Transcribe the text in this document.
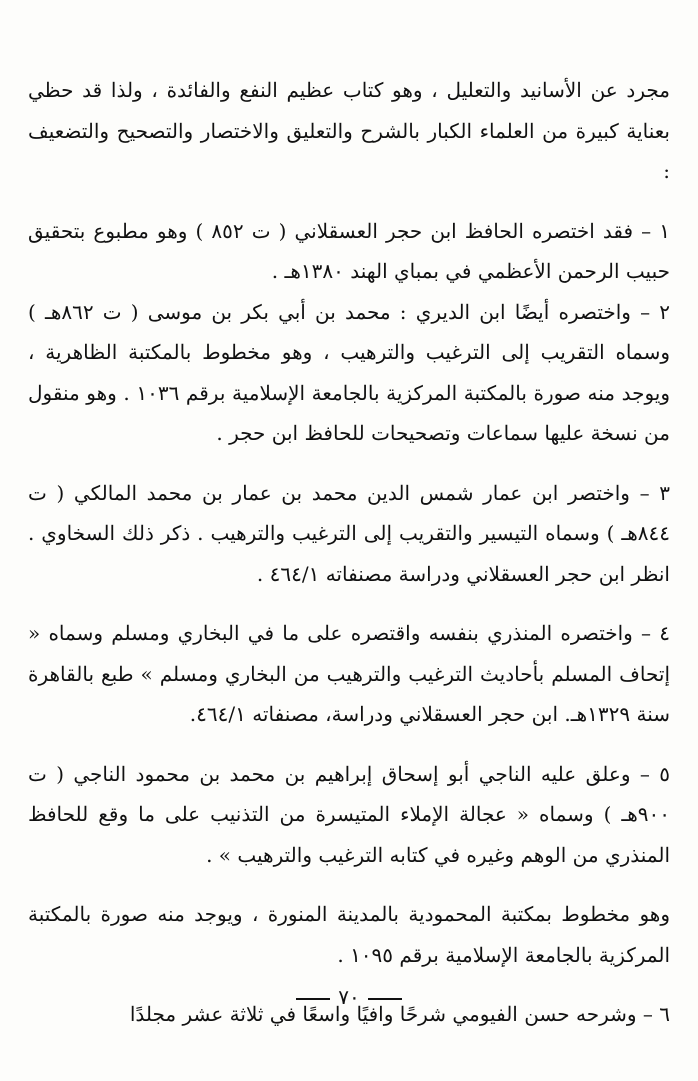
مجرد عن الأسانيد والتعليل ، وهو كتاب عظيم النفع والفائدة ، ولذا قد حظي بعناية كبيرة من العلماء الكبار بالشرح والتعليق والاختصار والتصحيح والتضعيف :

١ – فقد اختصره الحافظ ابن حجر العسقلاني ( ت ٨٥٢ ) وهو مطبوع بتحقيق حبيب الرحمن الأعظمي في بمباي الهند ١٣٨٠هـ .

٢ – واختصره أيضًا ابن الديري : محمد بن أبي بكر بن موسى ( ت ٨٦٢هـ ) وسماه التقريب إلى الترغيب والترهيب ، وهو مخطوط بالمكتبة الظاهرية ، ويوجد منه صورة بالمكتبة المركزية بالجامعة الإسلامية برقم ١٠٣٦ . وهو منقول من نسخة عليها سماعات وتصحيحات للحافظ ابن حجر .

٣ – واختصر ابن عمار شمس الدين محمد بن عمار بن محمد المالكي ( ت ٨٤٤هـ ) وسماه التيسير والتقريب إلى الترغيب والترهيب . ذكر ذلك السخاوي . انظر ابن حجر العسقلاني ودراسة مصنفاته ٤٦٤/١ .

٤ – واختصره المنذري بنفسه واقتصره على ما في البخاري ومسلم وسماه « إتحاف المسلم بأحاديث الترغيب والترهيب من البخاري ومسلم » طبع بالقاهرة سنة ١٣٢٩هـ. ابن حجر العسقلاني ودراسة، مصنفاته ٤٦٤/١.

٥ – وعلق عليه الناجي أبو إسحاق إبراهيم بن محمد بن محمود الناجي ( ت ٩٠٠هـ ) وسماه « عجالة الإملاء المتيسرة من التذنيب على ما وقع للحافظ المنذري من الوهم وغيره في كتابه الترغيب والترهيب » .

وهو مخطوط بمكتبة المحمودية بالمدينة المنورة ، ويوجد منه صورة بالمكتبة المركزية بالجامعة الإسلامية برقم ١٠٩٥ .

٦ – وشرحه حسن الفيومي شرحًا وافيًا واسعًا في ثلاثة عشر مجلدًا

٧٠
